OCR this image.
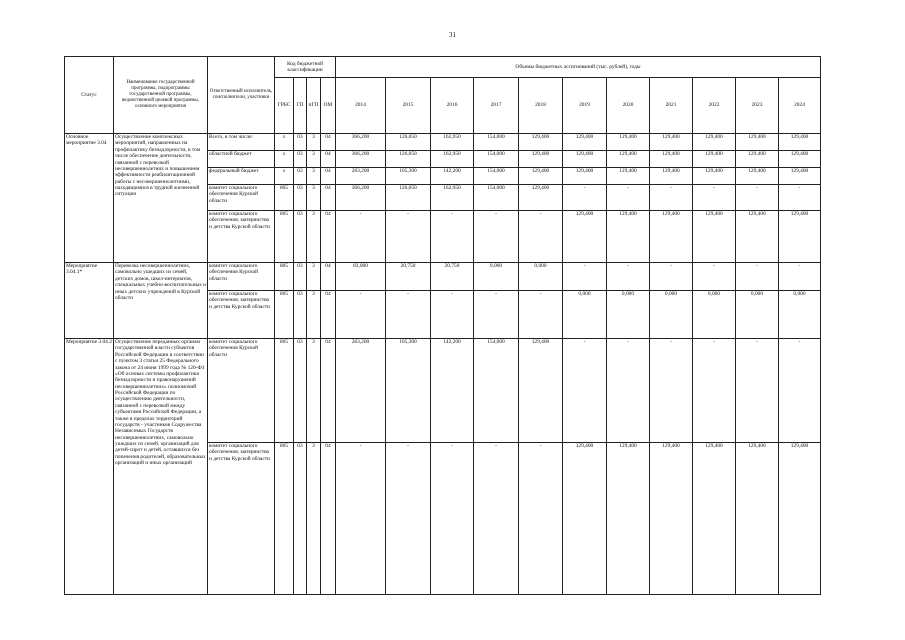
31
Статус	Наименование государственной программы, подпрограммы государственной программы, ведомственной целевой программы, основного мероприятия	Ответственный исполнитель, соисполнители, участники	Код бюджетной классификации				Объемы бюджетных ассигнований (тыс. рублей), годы										
			ГРБС	ГП	пГП	ОМ	2014	2015	2016	2017	2018	2019	2020	2021	2022	2023	2024
Основное мероприятие 3.04	Осуществление комплексных мероприятий, направленных на профилактику безнадзорности, в том числе обеспечение деятельности, связанной с перевозкой несовершеннолетних и повышением эффективности реабилитационной работы с несовершеннолетними, находящимися в трудной жизненной ситуации	Всего, в том числе:	х	03	3	04	366,200	126,050	162,950	154,000	129,400	129,400	129,400	129,400	129,400	129,400	129,400
		областной бюджет	х	03	3	04	366,200	126,050	162,950	154,000	129,400	129,400	129,400	129,400	129,400	129,400	129,400
		федеральный бюджет	х	03	3	04	283,200	105,300	142,200	154,000	129,400	129,400	129,400	129,400	129,400	129,400	129,400
		комитет социального обеспечения Курской области	805	03	3	04	366,200	126,050	162,950	154,000	129,400	-	-	-	-	-	-
		комитет социального обеспечения, материнства и детства Курской области	805	03	3	04	-	-	-	-	-	129,400	129,400	129,400	129,400	129,400	129,400
Мероприятие 3.04.1*	Перевозка несовершеннолетних, самовольно ушедших из семей, детских домов, школ-интернатов, специальных учебно-воспитательных и иных детских учреждений в Курской области	комитет социального обеспечения Курской области	805	03	3	04	83,000	20,750	20,750	0,000	0,000	-	-	-	-	-	-
		комитет социального обеспечения, материнства и детства Курской области	805	03	3	04	-	-	-	-	-	0,000	0,000	0,000	0,000	0,000	0,000
Мероприятие 3.04.2	Осуществление переданных органам государственной власти субъектов Российской Федерации в соответствии с пунктом 3 статьи 25 Федерального закона от 24 июня 1999 года № 120-ФЗ «Об основах системы профилактики безнадзорности и правонарушений несовершеннолетних» полномочий Российской Федерации по осуществлению деятельности, связанной с перевозкой между субъектами Российской Федерации, а также в пределах территорий государств - участников Содружества Независимых Государств несовершеннолетних, самовольно ушедших из семей, организаций для детей-сирот и детей, оставшихся без попечения родителей, образовательных организаций и иных организаций	комитет социального обеспечения Курской области	805	03	3	04	283,200	105,300	142,200	154,000	129,400	-	-	-	-	-	-
		комитет социального обеспечения, материнства и детства Курской области	805	03	3	04	-	-	-	-	-	129,400	129,400	129,400	129,400	129,400	129,400
